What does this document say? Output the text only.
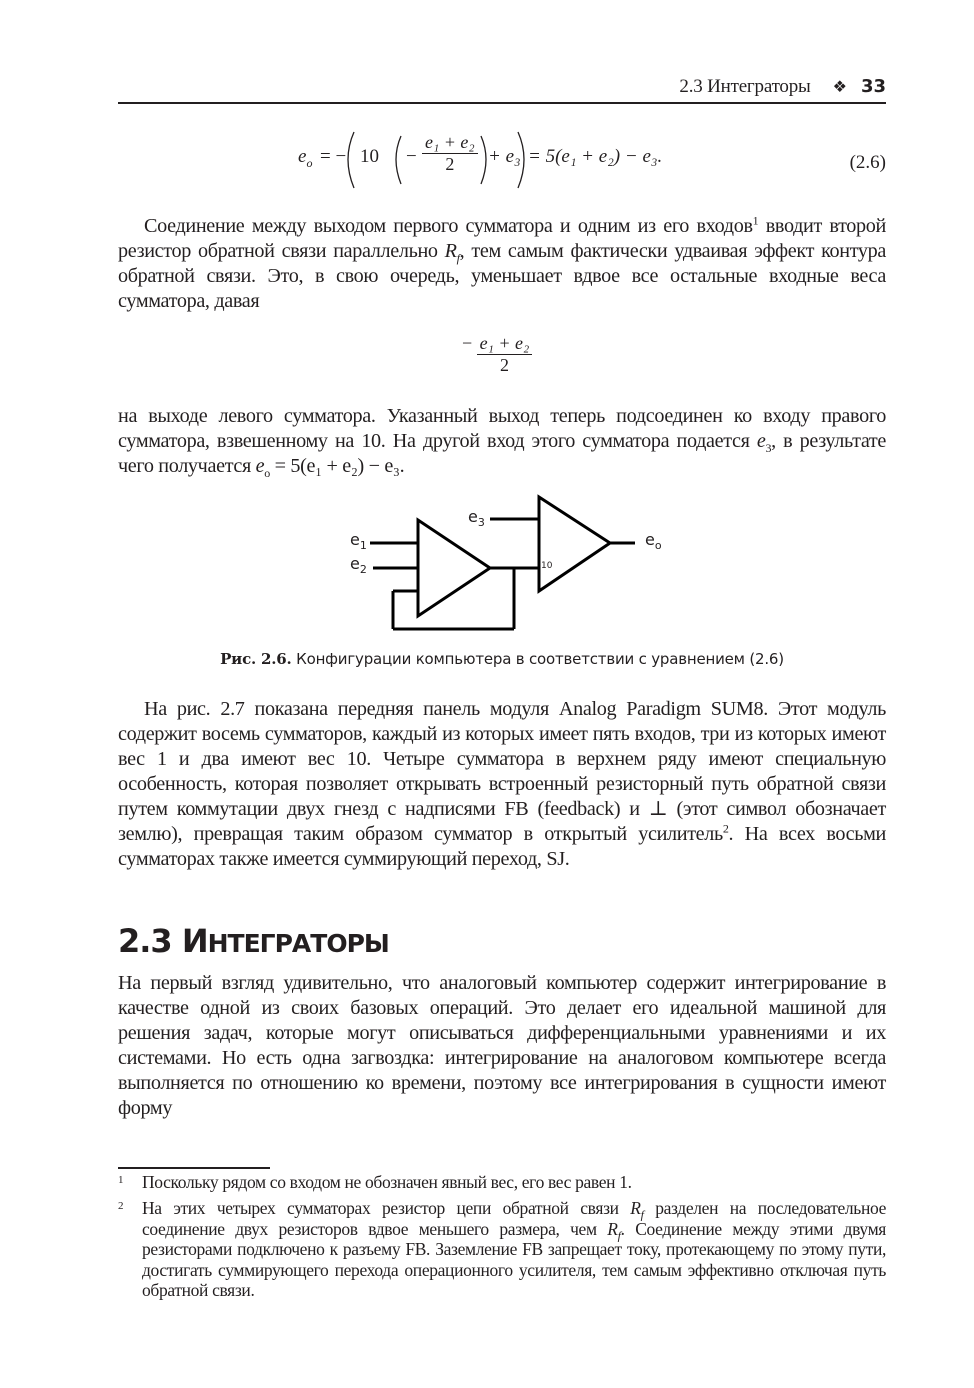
2.3 Интеграторы ❖ 33
$e_o$ = − $10 - \frac{\text{e₁ + e₂}}{2} + e_3 = 5(e_1 + e_2) - e_3$.	(2.6)

Соединение между выходом первого сумматора и одним из его входов$^1$ вводит второй резистор обратной связи параллельно $R_f$, тем самым фактически удваивая эффект контура обратной связи. Это, в свою очередь, уменьшает вдвое все остальные входные веса сумматора, давая

− $\frac{\text{e₁ + e₂}}{2}$

на выходе левого сумматора. Указанный выход теперь подсоединен ко входу правого сумматора, взвешенному на 10. На другой вход этого сумматора подается $e_3$, в результате чего получается $e_o = 5(e_1 + e_2) - e_3$.

$e_1$
$e_2$
$e_3$
$e_o$
10
Рис. 2.6. Конфигурации компьютера в соответствии с уравнением (2.6)

На рис. 2.7 показана передняя панель модуля Analog Paradigm SUM8. Этот модуль содержит восемь сумматоров, каждый из которых имеет пять входов, три из которых имеют вес 1 и два имеют вес 10. Четыре сумматора в верхнем ряду имеют специальную особенность, которая позволяет открывать встроенный резисторный путь обратной связи путем коммутации двух гнезд с надписями FB (feedback) и ⊥ (этот символ обозначает землю), превращая таким образом сумматор в открытый усилитель$^2$. На всех восьми сумматорах также имеется суммирующий переход, SJ.

2.3 ИНТЕГРАТОРЫ

На первый взгляд удивительно, что аналоговый компьютер содержит интегрирование в качестве одной из своих базовых операций. Это делает его идеальной машиной для решения задач, которые могут описываться дифференциальными уравнениями и их системами. Но есть одна загвоздка: интегрирование на аналоговом компьютере всегда выполняется по отношению ко времени, поэтому все интегрирования в сущности имеют форму

1 Поскольку рядом со входом не обозначен явный вес, его вес равен 1.
2 На этих четырех сумматорах резистор цепи обратной связи $R_f$ разделен на последовательное соединение двух резисторов вдвое меньшего размера, чем $R_f$. Соединение между этими двумя резисторами подключено к разъему FB. Заземление FB запрещает току, протекающему по этому пути, достигать суммирующего перехода операционного усилителя, тем самым эффективно отключая путь обратной связи.
